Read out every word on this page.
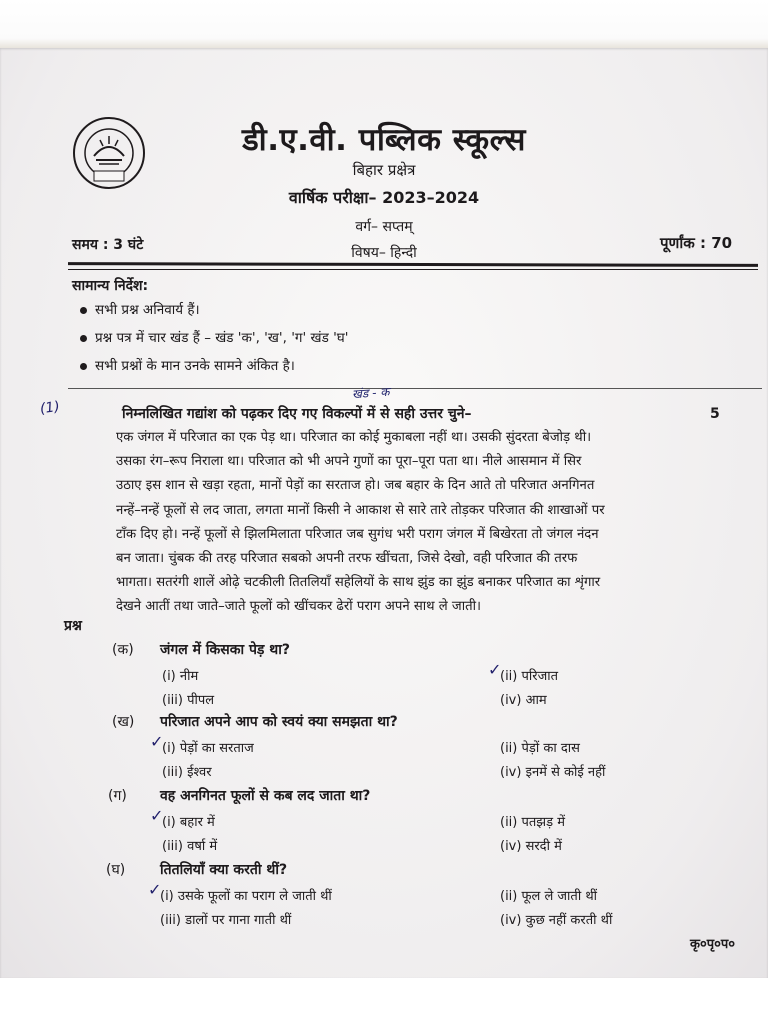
डी.ए.वी. पब्लिक स्कूल्स
बिहार प्रक्षेत्र
वार्षिक परीक्षा– 2023–2024
वर्ग– सप्तम्
विषय– हिन्दी
समय : 3 घंटे	पूर्णांक : 70
सामान्य निर्देश:
सभी प्रश्न अनिवार्य हैं।
प्रश्न पत्र में चार खंड हैं – खंड 'क', 'ख', 'ग' खंड 'घ'
सभी प्रश्नों के मान उनके सामने अंकित है।
खंड - क
(1)	निम्नलिखित गद्यांश को पढ़कर दिए गए विकल्पों में से सही उत्तर चुने–	5
एक जंगल में परिजात का एक पेड़ था। परिजात का कोई मुकाबला नहीं था। उसकी सुंदरता बेजोड़ थी।
उसका रंग–रूप निराला था। परिजात को भी अपने गुणों का पूरा–पूरा पता था। नीले आसमान में सिर
उठाए इस शान से खड़ा रहता, मानों पेड़ों का सरताज हो। जब बहार के दिन आते तो परिजात अनगिनत
नन्हें–नन्हें फूलों से लद जाता, लगता मानों किसी ने आकाश से सारे तारे तोड़कर परिजात की शाखाओं पर
टाँक दिए हो। नन्हें फूलों से झिलमिलाता परिजात जब सुगंध भरी पराग जंगल में बिखेरता तो जंगल नंदन
बन जाता। चुंबक की तरह परिजात सबको अपनी तरफ खींचता, जिसे देखो, वही परिजात की तरफ
भागता। सतरंगी शालें ओढ़े चटकीली तितलियाँ सहेलियों के साथ झुंड का झुंड बनाकर परिजात का शृंगार
देखने आतीं तथा जाते–जाते फूलों को खींचकर ढेरों पराग अपने साथ ले जाती।
प्रश्न
(क) जंगल में किसका पेड़ था?
(i) नीम	(ii) परिजात
(iii) पीपल	(iv) आम
✓
(ख) परिजात अपने आप को स्वयं क्या समझता था?
(i) पेड़ों का सरताज	(ii) पेड़ों का दास
(iii) ईश्वर	(iv) इनमें से कोई नहीं
✓
(ग) वह अनगिनत फूलों से कब लद जाता था?
(i) बहार में	(ii) पतझड़ में
(iii) वर्षा में	(iv) सरदी में
✓
(घ) तितलियाँ क्या करती थीं?
(i) उसके फूलों का पराग ले जाती थीं	(ii) फूल ले जाती थीं
(iii) डालों पर गाना गाती थीं	(iv) कुछ नहीं करती थीं
✓
कृ०पृ०प०
